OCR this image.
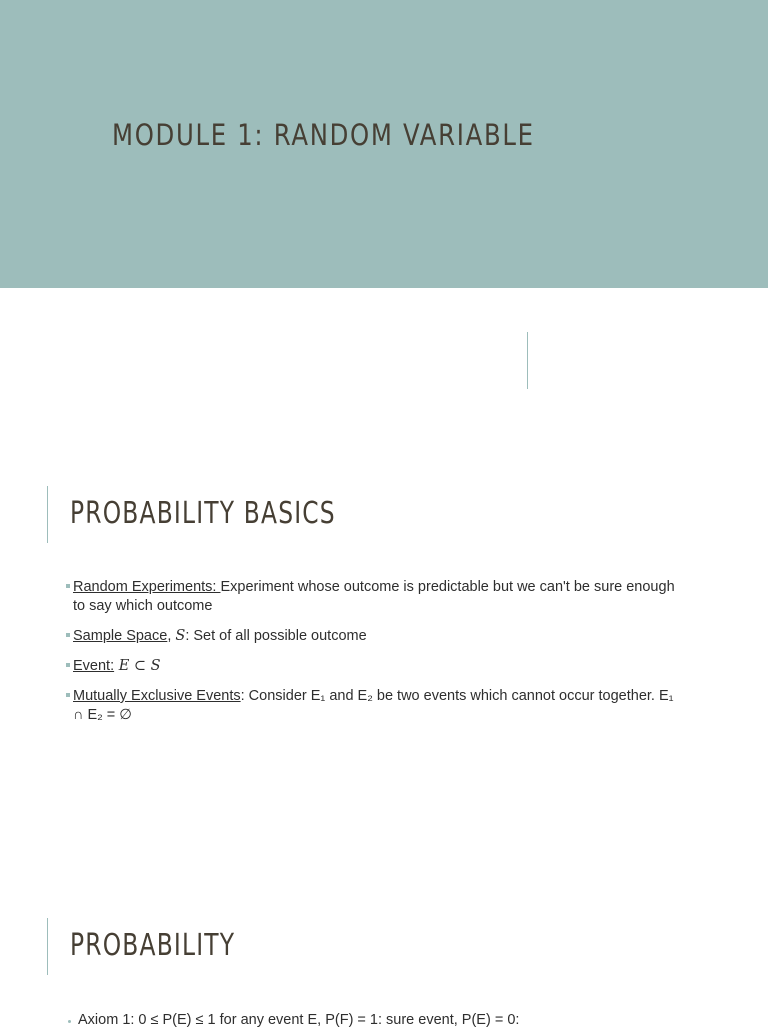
MODULE 1: RANDOM VARIABLE
PROBABILITY BASICS
Random Experiments: Experiment whose outcome is predictable but we can't be sure enough to say which outcome
Sample Space, S: Set of all possible outcome
Event: E ⊂ S
Mutually Exclusive Events: Consider E₁ and E₂ be two events which cannot occur together. E₁ ∩ E₂ = ∅
PROBABILITY
Axiom 1: 0 ≤ P(E) ≤ 1 for any event E, P(F) = 1: sure event, P(E) = 0:
